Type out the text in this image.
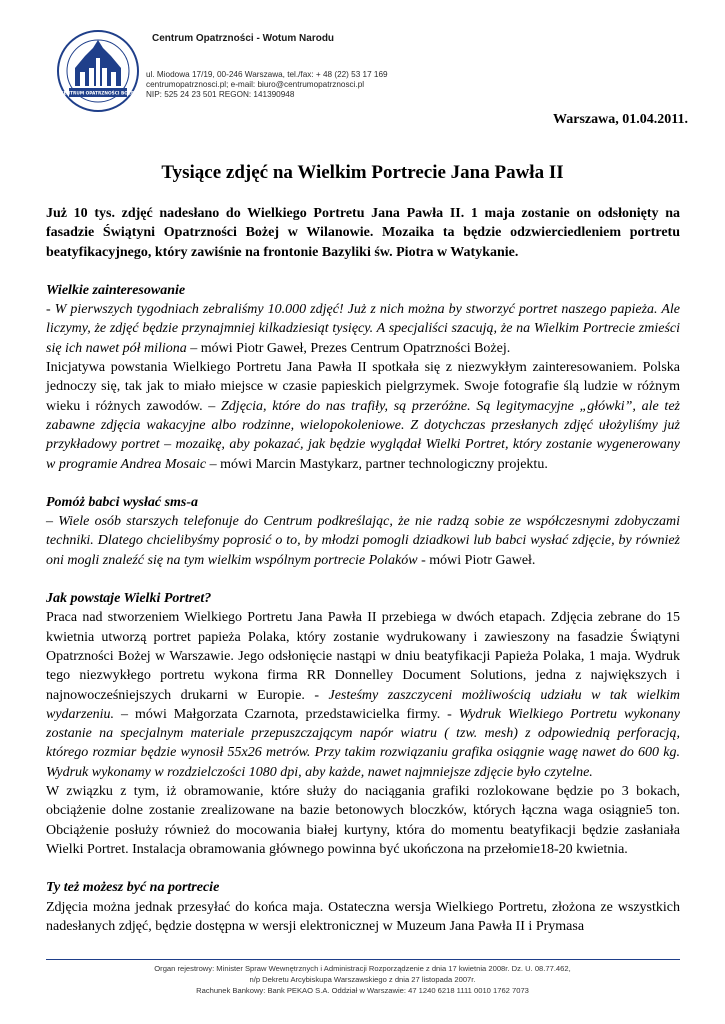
CENTRUM OPATRZNOŚCI BOŻEJ
Centrum Opatrzności - Wotum Narodu
ul. Miodowa 17/19, 00-246 Warszawa, tel./fax: + 48 (22) 53 17 169
centrumopatrznosci.pl; e-mail: biuro@centrumopatrznosci.pl
NIP: 525 24 23 501 REGON: 141390948
Warszawa, 01.04.2011.
Tysiące zdjęć na Wielkim Portrecie Jana Pawła II

Już 10 tys. zdjęć nadesłano do Wielkiego Portretu Jana Pawła II. 1 maja zostanie on odsłonięty na fasadzie Świątyni Opatrzności Bożej w Wilanowie. Mozaika ta będzie odzwierciedleniem portretu beatyfikacyjnego, który zawiśnie na frontonie Bazyliki św. Piotra w Watykanie.

Wielkie zainteresowanie

- W pierwszych tygodniach zebraliśmy 10.000 zdjęć! Już z nich można by stworzyć portret naszego papieża. Ale liczymy, że zdjęć będzie przynajmniej kilkadziesiąt tysięcy. A specjaliści szacują, że na Wielkim Portrecie zmieści się ich nawet pół miliona – mówi Piotr Gaweł, Prezes Centrum Opatrzności Bożej.

Inicjatywa powstania Wielkiego Portretu Jana Pawła II spotkała się z niezwykłym zainteresowaniem. Polska jednoczy się, tak jak to miało miejsce w czasie papieskich pielgrzymek. Swoje fotografie ślą ludzie w różnym wieku i różnych zawodów. – Zdjęcia, które do nas trafiły, są przeróżne. Są legitymacyjne „główki”, ale też zabawne zdjęcia wakacyjne albo rodzinne, wielopokoleniowe. Z dotychczas przesłanych zdjęć ułożyliśmy już przykładowy portret – mozaikę, aby pokazać, jak będzie wyglądał Wielki Portret, który zostanie wygenerowany w programie Andrea Mosaic – mówi Marcin Mastykarz, partner technologiczny projektu.

Pomóż babci wysłać sms-a

– Wiele osób starszych telefonuje do Centrum podkreślając, że nie radzą sobie ze współczesnymi zdobyczami techniki. Dlatego chcielibyśmy poprosić o to, by młodzi pomogli dziadkowi lub babci wysłać zdjęcie, by również oni mogli znaleźć się na tym wielkim wspólnym portrecie Polaków - mówi Piotr Gaweł.

Jak powstaje Wielki Portret?

Praca nad stworzeniem Wielkiego Portretu Jana Pawła II przebiega w dwóch etapach. Zdjęcia zebrane do 15 kwietnia utworzą portret papieża Polaka, który zostanie wydrukowany i zawieszony na fasadzie Świątyni Opatrzności Bożej w Warszawie. Jego odsłonięcie nastąpi w dniu beatyfikacji Papieża Polaka, 1 maja. Wydruk tego niezwykłego portretu wykona firma RR Donnelley Document Solutions, jedna z największych i najnowocześniejszych drukarni w Europie. - Jesteśmy zaszczyceni możliwością udziału w tak wielkim wydarzeniu. – mówi Małgorzata Czarnota, przedstawicielka firmy. - Wydruk Wielkiego Portretu wykonany zostanie na specjalnym materiale przepuszczającym napór wiatru ( tzw. mesh) z odpowiednią perforacją, którego rozmiar będzie wynosił 55x26 metrów. Przy takim rozwiązaniu grafika osiągnie wagę nawet do 600 kg. Wydruk wykonamy w rozdzielczości 1080 dpi, aby każde, nawet najmniejsze zdjęcie było czytelne.

W związku z tym, iż obramowanie, które służy do naciągania grafiki rozlokowane będzie po 3 bokach, obciążenie dolne zostanie zrealizowane na bazie betonowych bloczków, których łączna waga osiągnie5 ton. Obciążenie posłuży również do mocowania białej kurtyny, która do momentu beatyfikacji będzie zasłaniała Wielki Portret. Instalacja obramowania głównego powinna być ukończona na przełomie18-20 kwietnia.

Ty też możesz być na portrecie

Zdjęcia można jednak przesyłać do końca maja. Ostateczna wersja Wielkiego Portretu, złożona ze wszystkich nadesłanych zdjęć, będzie dostępna w wersji elektronicznej w Muzeum Jana Pawła II i Prymasa

Organ rejestrowy: Minister Spraw Wewnętrznych i Administracji Rozporządzenie z dnia 17 kwietnia 2008r. Dz. U. 08.77.462,
n/p Dekretu Arcybiskupa Warszawskiego z dnia 27 listopada 2007r.
Rachunek Bankowy: Bank PEKAO S.A. Oddział w Warszawie: 47 1240 6218 1111 0010 1762 7073
